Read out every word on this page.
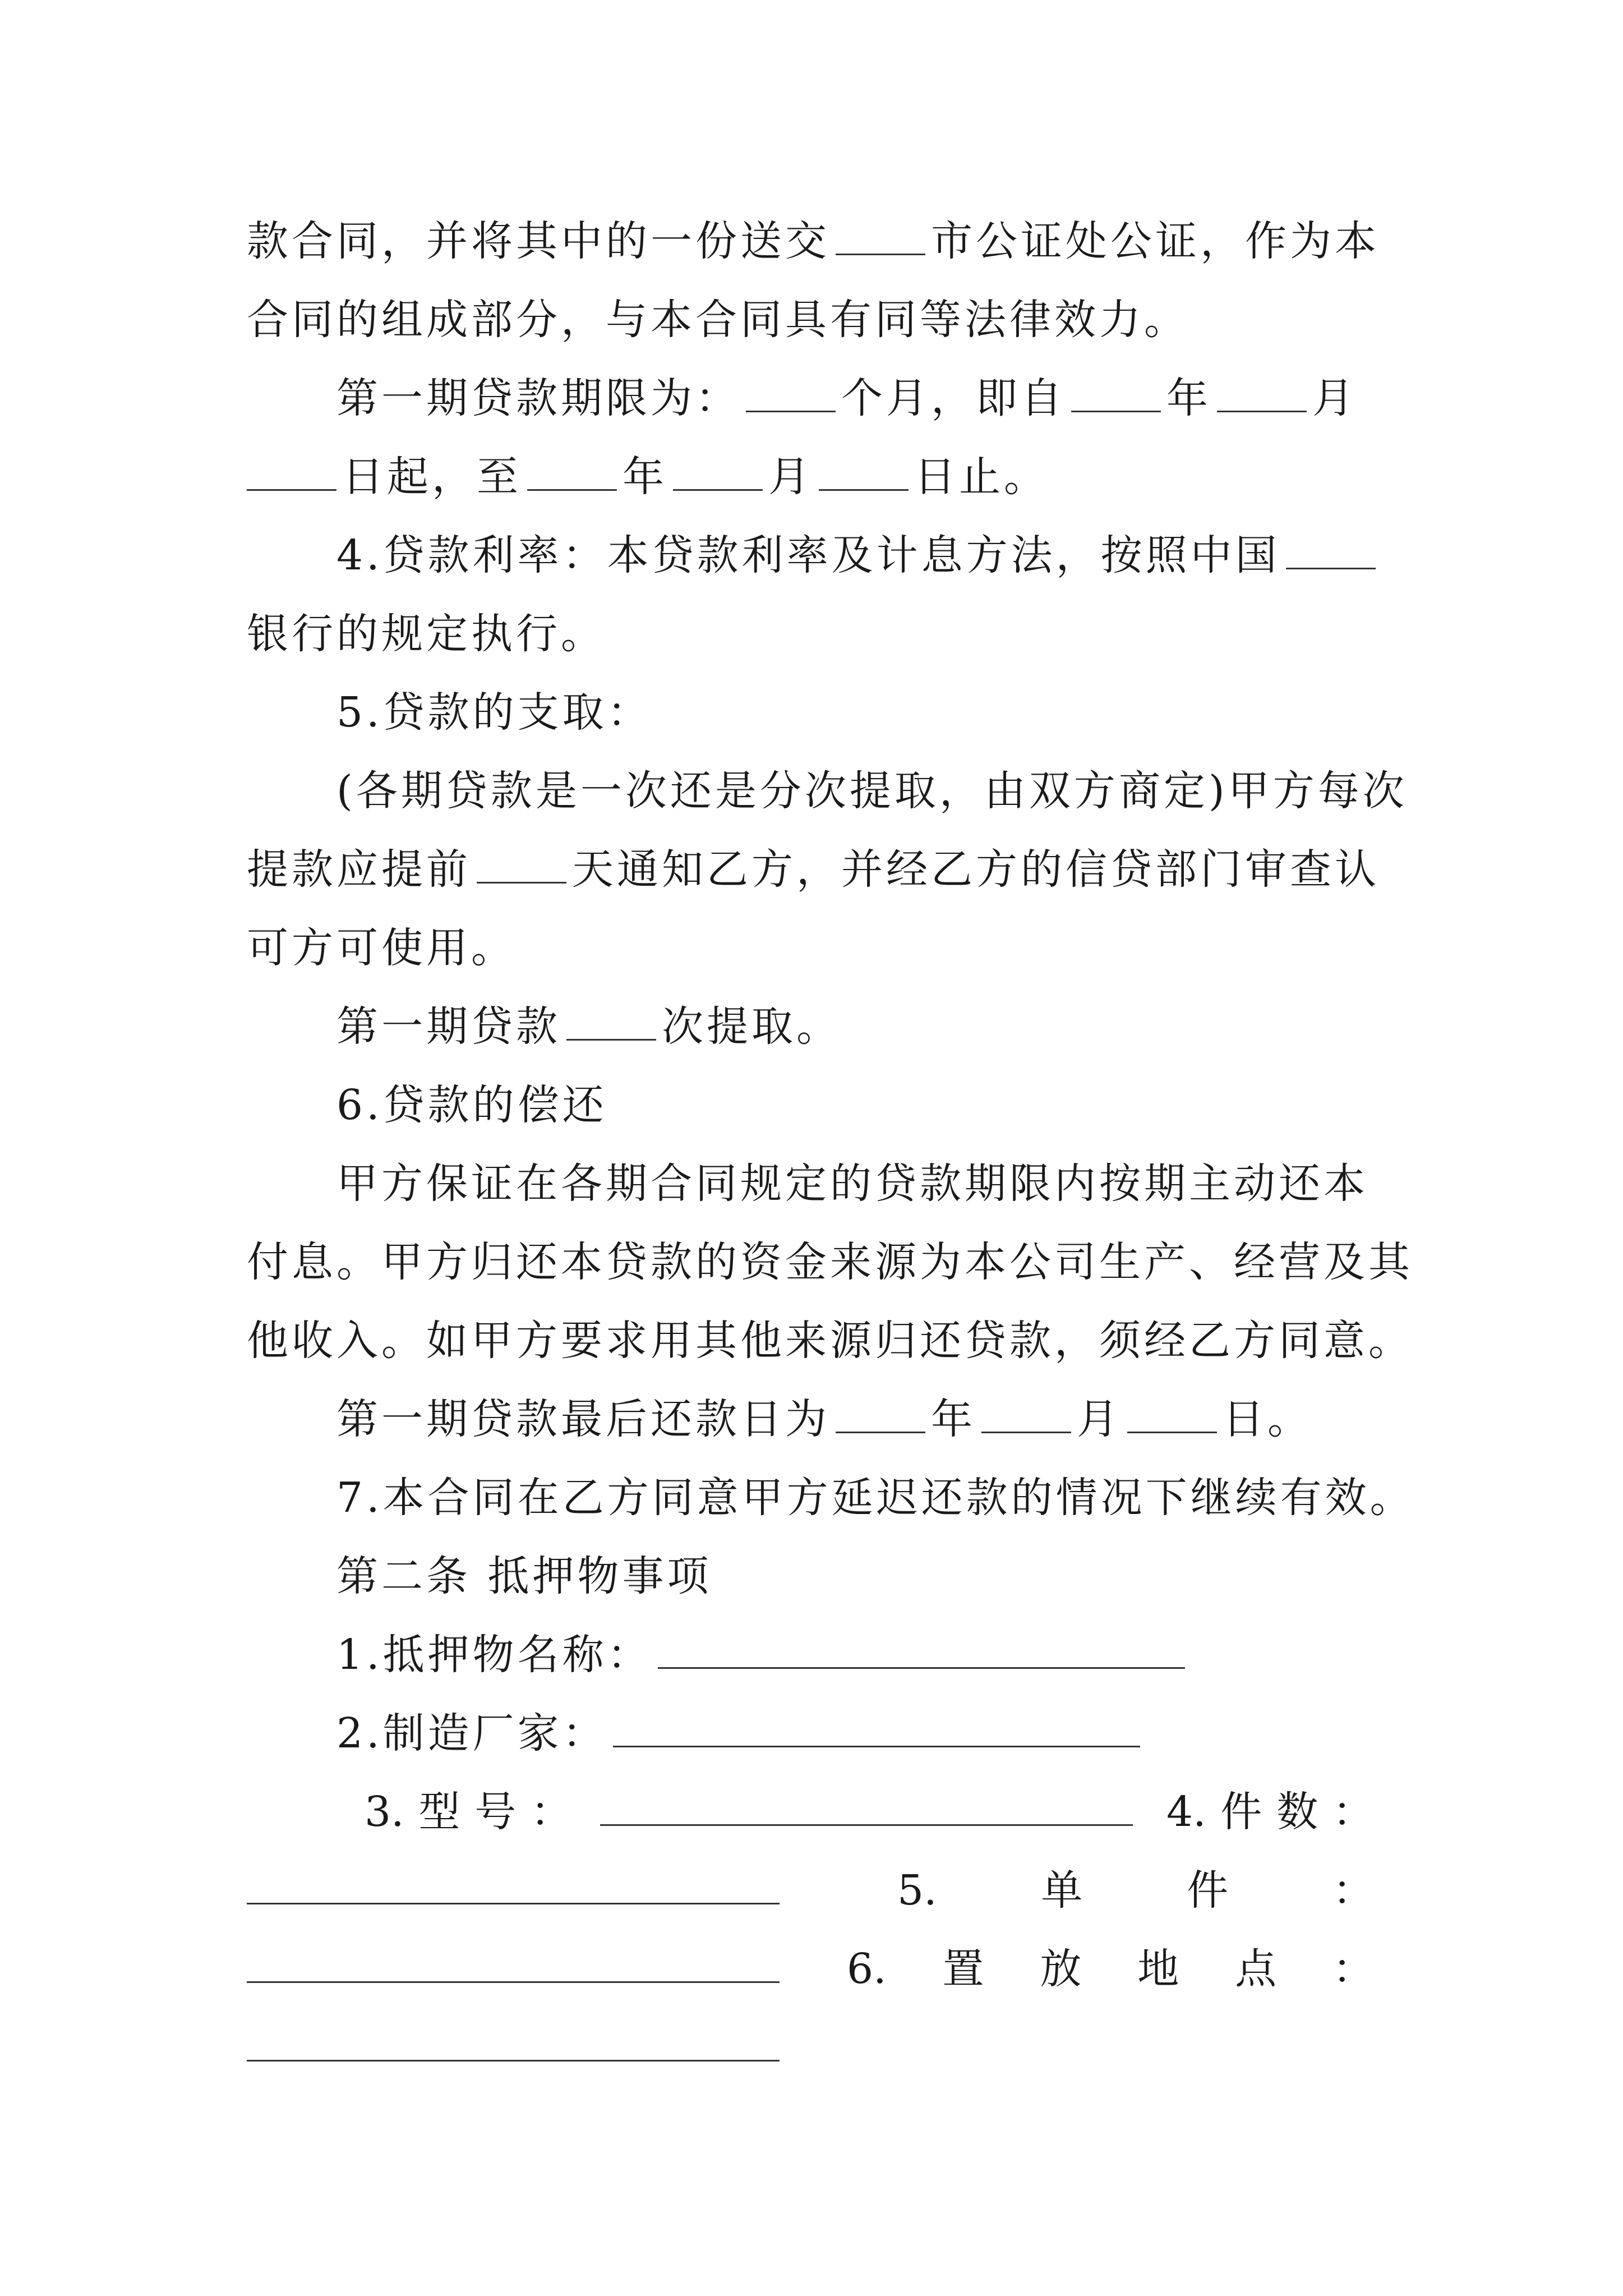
款合同，并将其中的一份送交 市公证处公证，作为本
合同的组成部分，与本合同具有同等法律效力。
第一期贷款期限为： 个月，即自 年 月
日起，至 年 月 日止。
4.贷款利率：本贷款利率及计息方法，按照中国
银行的规定执行。
5.贷款的支取：
(各期贷款是一次还是分次提取，由双方商定)甲方每次
提款应提前 天通知乙方，并经乙方的信贷部门审查认
可方可使用。
第一期贷款 次提取。
6.贷款的偿还
甲方保证在各期合同规定的贷款期限内按期主动还本
付息。甲方归还本贷款的资金来源为本公司生产、经营及其
他收入。如甲方要求用其他来源归还贷款，须经乙方同意。
第一期贷款最后还款日为 年 月 日。
7.本合同在乙方同意甲方延迟还款的情况下继续有效。
第二条 抵押物事项
1.抵押物名称：
2.制造厂家：
3. 型 号 ：	4. 件 数 ：
5.	单	件	：
6. 置 放 地 点 ：
